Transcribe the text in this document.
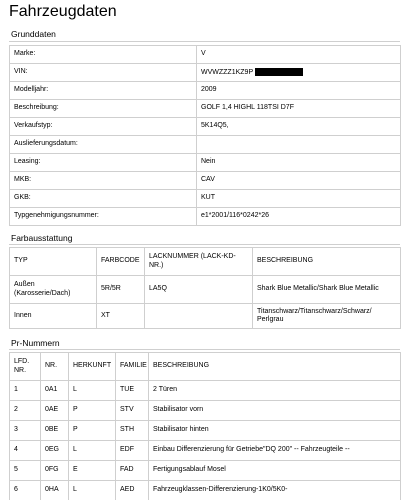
Fahrzeugdaten
Grunddaten
Marke:	V
VIN:	WVWZZZ1KZ9P
Modelljahr:	2009
Beschreibung:	GOLF 1,4 HIGHL 118TSI D7F
Verkaufstyp:	5K14Q5,
Auslieferungsdatum:	
Leasing:	Nein
MKB:	CAV
GKB:	KUT
Typgenehmigungsnummer:	e1*2001/116*0242*26
Farbausstattung
TYP	FARBCODE	LACKNUMMER (LACK-KD-NR.)	BESCHREIBUNG
Außen (Karosserie/Dach)	5R/5R	LA5Q	Shark Blue Metallic/Shark Blue Metallic
Innen	XT		Titanschwarz/Titanschwarz/Schwarz/ Perlgrau
Pr-Nummern
LFD. NR.	NR.	HERKUNFT	FAMILIE	BESCHREIBUNG
1	0A1	L	TUE	2 Türen
2	0AE	P	STV	Stabilisator vorn
3	0BE	P	STH	Stabilisator hinten
4	0EG	L	EDF	Einbau Differenzierung für Getriebe"DQ 200" -- Fahrzeugteile --
5	0FG	E	FAD	Fertigungsablauf Mosel
6	0HA	L	AED	Fahrzeugklassen-Differenzierung-1K0/5K0-
